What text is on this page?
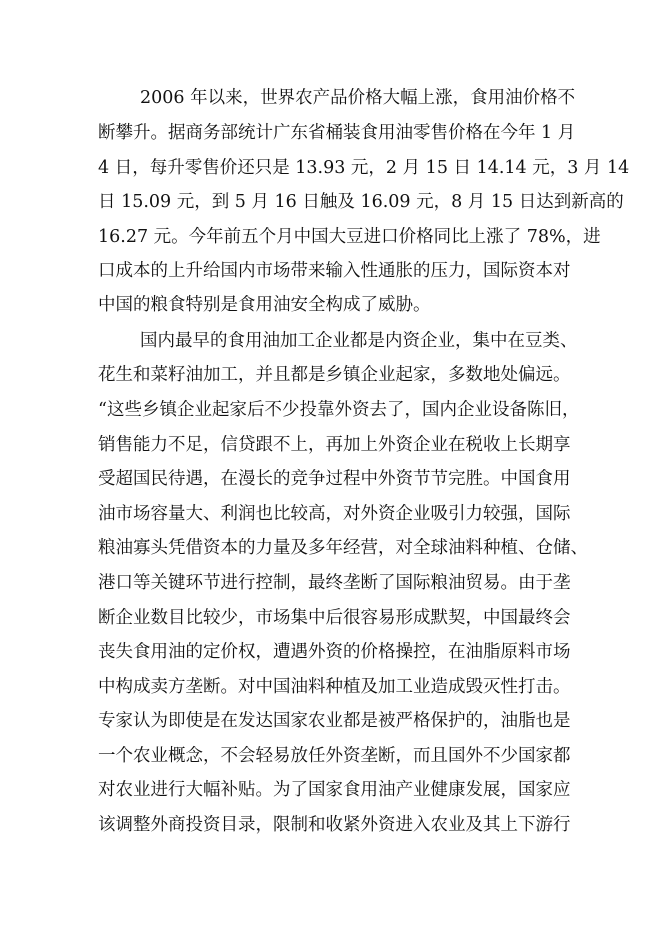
2006 年以来，世界农产品价格大幅上涨，食用油价格不
断攀升。据商务部统计广东省桶装食用油零售价格在今年 1 月
4 日，每升零售价还只是 13.93 元，2 月 15 日 14.14 元，3 月 14
日 15.09 元，到 5 月 16 日触及 16.09 元，8 月 15 日达到新高的
16.27 元。今年前五个月中国大豆进口价格同比上涨了 78%，进
口成本的上升给国内市场带来输入性通胀的压力，国际资本对
中国的粮食特别是食用油安全构成了威胁。
国内最早的食用油加工企业都是内资企业，集中在豆类、
花生和菜籽油加工，并且都是乡镇企业起家，多数地处偏远。
“这些乡镇企业起家后不少投靠外资去了，国内企业设备陈旧，
销售能力不足，信贷跟不上，再加上外资企业在税收上长期享
受超国民待遇，在漫长的竞争过程中外资节节完胜。中国食用
油市场容量大、利润也比较高，对外资企业吸引力较强，国际
粮油寡头凭借资本的力量及多年经营，对全球油料种植、仓储、
港口等关键环节进行控制，最终垄断了国际粮油贸易。由于垄
断企业数目比较少，市场集中后很容易形成默契，中国最终会
丧失食用油的定价权，遭遇外资的价格操控，在油脂原料市场
中构成卖方垄断。对中国油料种植及加工业造成毁灭性打击。
专家认为即使是在发达国家农业都是被严格保护的，油脂也是
一个农业概念，不会轻易放任外资垄断，而且国外不少国家都
对农业进行大幅补贴。为了国家食用油产业健康发展，国家应
该调整外商投资目录，限制和收紧外资进入农业及其上下游行
